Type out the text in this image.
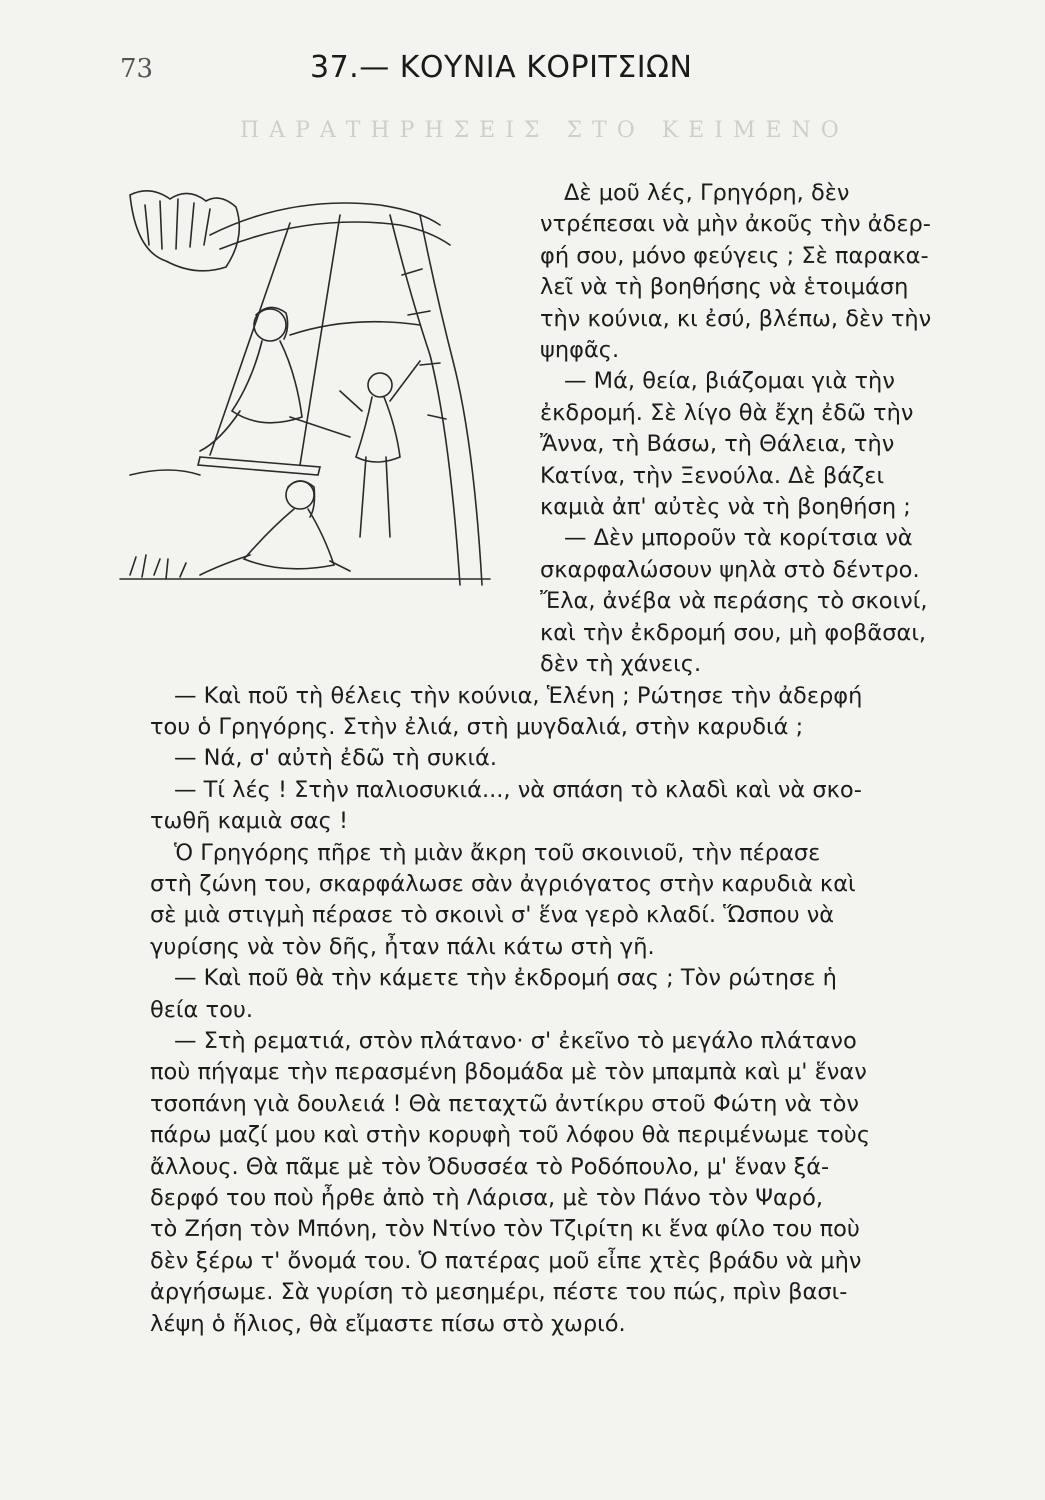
73	37.— ΚΟΥΝΙΑ ΚΟΡΙΤΣΙΩΝ
ΠΑΡΑΤΗΡΗΣΕΙΣ ΣΤΟ ΚΕΙΜΕΝΟ
Δὲ μοῦ λές, Γρηγόρη, δὲν
ντρέπεσαι νὰ μὴν ἀκοῦς τὴν ἀδερ-
φή σου, μόνο φεύγεις ; Σὲ παρακα-
λεῖ νὰ τὴ βοηθήσης νὰ ἑτοιμάση
τὴν κούνια, κι ἐσύ, βλέπω, δὲν τὴν
ψηφᾶς.
— Μά, θεία, βιάζομαι γιὰ τὴν
ἐκδρομή. Σὲ λίγο θὰ ἔχη ἐδῶ τὴν
Ἄννα, τὴ Βάσω, τὴ Θάλεια, τὴν
Κατίνα, τὴν Ξενούλα. Δὲ βάζει
καμιὰ ἀπ' αὐτὲς νὰ τὴ βοηθήση ;
— Δὲν μποροῦν τὰ κορίτσια νὰ
σκαρφαλώσουν ψηλὰ στὸ δέντρο.
Ἔλα, ἀνέβα νὰ περάσης τὸ σκοινί,
καὶ τὴν ἐκδρομή σου, μὴ φοβᾶσαι,
δὲν τὴ χάνεις.
— Καὶ ποῦ τὴ θέλεις τὴν κούνια, Ἑλένη ; Ρώτησε τὴν ἀδερφή
του ὁ Γρηγόρης. Στὴν ἐλιά, στὴ μυγδαλιά, στὴν καρυδιά ;
— Νά, σ' αὐτὴ ἐδῶ τὴ συκιά.
— Τί λές ! Στὴν παλιοσυκιά..., νὰ σπάση τὸ κλαδὶ καὶ νὰ σκο-
τωθῆ καμιὰ σας !
Ὁ Γρηγόρης πῆρε τὴ μιὰν ἄκρη τοῦ σκοινιοῦ, τὴν πέρασε
στὴ ζώνη του, σκαρφάλωσε σὰν ἀγριόγατος στὴν καρυδιὰ καὶ
σὲ μιὰ στιγμὴ πέρασε τὸ σκοινὶ σ' ἕνα γερὸ κλαδί. Ὥσπου νὰ
γυρίσης νὰ τὸν δῆς, ἦταν πάλι κάτω στὴ γῆ.
— Καὶ ποῦ θὰ τὴν κάμετε τὴν ἐκδρομή σας ; Τὸν ρώτησε ἡ
θεία του.
— Στὴ ρεματιά, στὸν πλάτανο· σ' ἐκεῖνο τὸ μεγάλο πλάτανο
ποὺ πήγαμε τὴν περασμένη βδομάδα μὲ τὸν μπαμπὰ καὶ μ' ἕναν
τσοπάνη γιὰ δουλειά ! Θὰ πεταχτῶ ἀντίκρυ στοῦ Φώτη νὰ τὸν
πάρω μαζί μου καὶ στὴν κορυφὴ τοῦ λόφου θὰ περιμένωμε τοὺς
ἄλλους. Θὰ πᾶμε μὲ τὸν Ὀδυσσέα τὸ Ροδόπουλο, μ' ἕναν ξά-
δερφό του ποὺ ἦρθε ἀπὸ τὴ Λάρισα, μὲ τὸν Πάνο τὸν Ψαρό,
τὸ Ζήση τὸν Μπόνη, τὸν Ντίνο τὸν Τζιρίτη κι ἕνα φίλο του ποὺ
δὲν ξέρω τ' ὄνομά του. Ὁ πατέρας μοῦ εἶπε χτὲς βράδυ νὰ μὴν
ἀργήσωμε. Σὰ γυρίση τὸ μεσημέρι, πέστε του πώς, πρὶν βασι-
λέψη ὁ ἥλιος, θὰ εἴμαστε πίσω στὸ χωριό.
